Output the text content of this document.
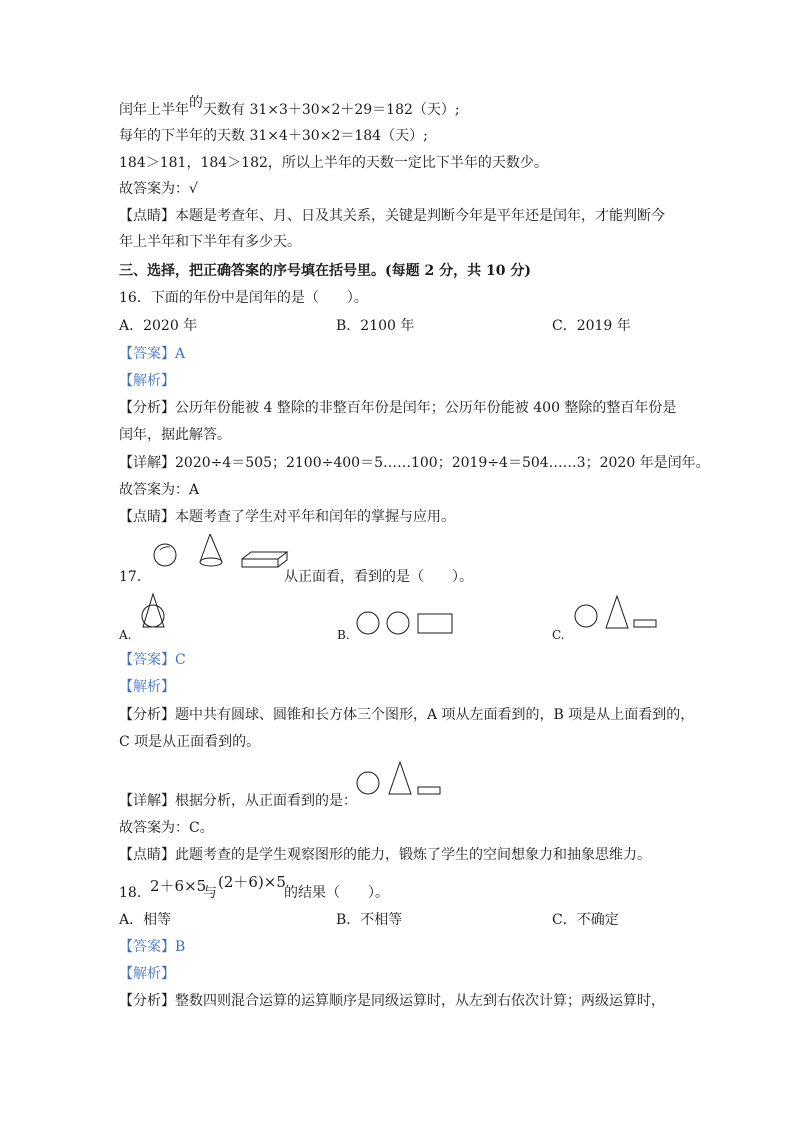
闰年上半年的天数有 31×3＋30×2＋29＝182（天）;
每年的下半年的天数 31×4＋30×2＝184（天）;
184＞181，184＞182，所以上半年的天数一定比下半年的天数少。
故答案为：√
【点睛】本题是考查年、月、日及其关系，关键是判断今年是平年还是闰年，才能判断今
年上半年和下半年有多少天。
三、选择，把正确答案的序号填在括号里。(每题 2 分，共 10 分)
16．下面的年份中是闰年的是（　　）。
A．2020 年	B．2100 年	C．2019 年
【答案】A
【解析】
【分析】公历年份能被 4 整除的非整百年份是闰年；公历年份能被 400 整除的整百年份是
闰年，据此解答。
【详解】2020÷4＝505；2100÷400＝5……100；2019÷4＝504……3；2020 年是闰年。
故答案为：A
【点睛】本题考查了学生对平年和闰年的掌握与应用。
17.	从正面看，看到的是（　　）。
A.	B.	C.
【答案】C
【解析】
【分析】题中共有圆球、圆锥和长方体三个图形，A 项从左面看到的，B 项是从上面看到的，
C 项是从正面看到的。
【详解】根据分析，从正面看到的是：
故答案为：C。
【点睛】此题考查的是学生观察图形的能力，锻炼了学生的空间想象力和抽象思维力。
18. 2＋6×5
与
(2＋6)×5
的结果（　　）。
A．相等	B．不相等	C．不确定
【答案】B
【解析】
【分析】整数四则混合运算的运算顺序是同级运算时，从左到右依次计算；两级运算时，
